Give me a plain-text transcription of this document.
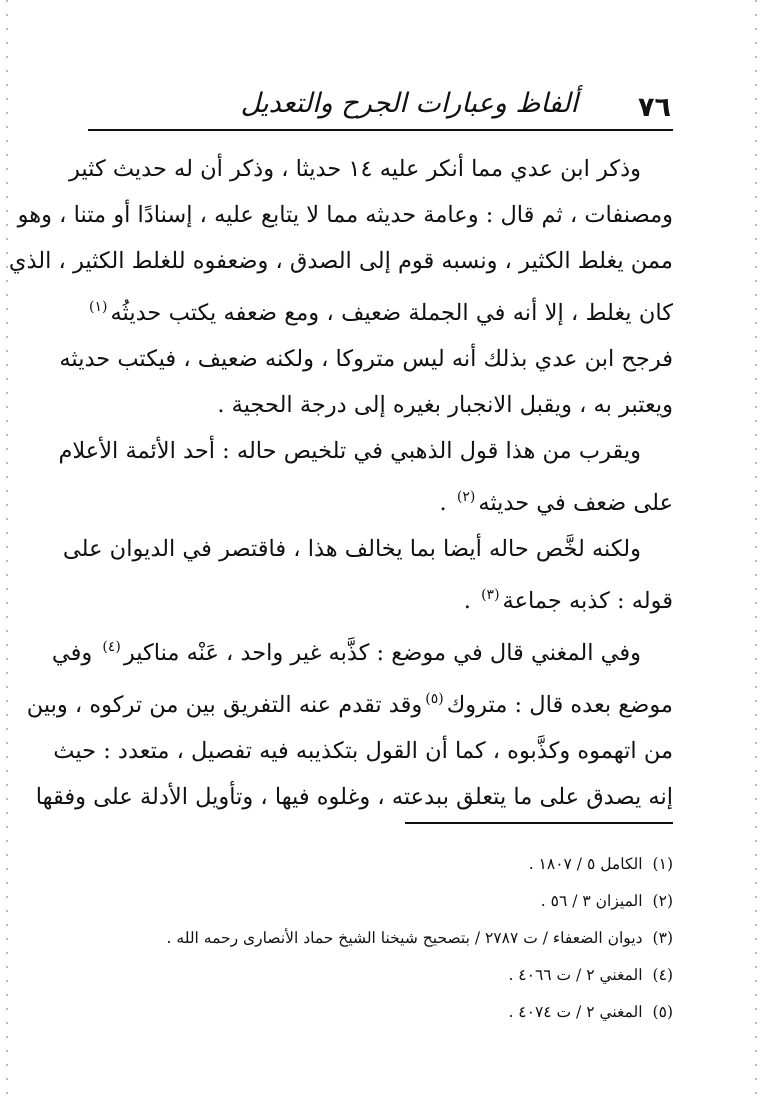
٧٦
ألفاظ وعبارات الجرح والتعديل

وذكر ابن عدي مما أنكر عليه ١٤ حديثا ، وذكر أن له حديث كثير
ومصنفات ، ثم قال : وعامة حديثه مما لا يتابع عليه ، إسنادًا أو متنا ، وهو
ممن يغلط الكثير ، ونسبه قوم إلى الصدق ، وضعفوه للغلط الكثير ، الذي
كان يغلط ، إلا أنه في الجملة ضعيف ، ومع ضعفه يكتب حديثُه$^{(١)}$
فرجح ابن عدي بذلك أنه ليس متروكا ، ولكنه ضعيف ، فيكتب حديثه
ويعتبر به ، ويقبل الانجبار بغيره إلى درجة الحجية .

ويقرب من هذا قول الذهبي في تلخيص حاله : أحد الأئمة الأعلام
على ضعف في حديثه$^{(٢)}$ .

ولكنه لخَّص حاله أيضا بما يخالف هذا ، فاقتصر في الديوان على
قوله : كذبه جماعة$^{(٣)}$ .

وفي المغني قال في موضع : كذَّبه غير واحد ، عَنْه مناكير$^{(٤)}$ وفي
موضع بعده قال : متروك$^{(٥)}$وقد تقدم عنه التفريق بين من تركوه ، وبين
من اتهموه وكذَّبوه ، كما أن القول بتكذيبه فيه تفصيل ، متعدد : حيث
إنه يصدق على ما يتعلق ببدعته ، وغلوه فيها ، وتأويل الأدلة على وفقها

(١)الكامل ٥ / ١٨٠٧ .
(٢)الميزان ٣ / ٥٦ .
(٣)ديوان الضعفاء / ت ٢٧٨٧ / بتصحيح شيخنا الشيخ حماد الأنصارى رحمه الله .
(٤)المغني ٢ / ت ٤٠٦٦ .
(٥)المغني ٢ / ت ٤٠٧٤ .
